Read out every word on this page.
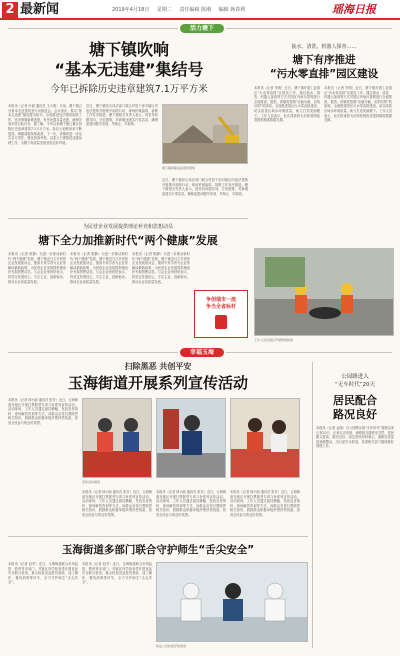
2 最新闻	2019年4月18日 星期二 责任编辑 陈刚 编辑 蒋春利	瑶海日报
活力塘下
塘下镇吹响
“基本无违建”集结号
今年已拆除历史违章建筑7.1万平方米
本报讯（记者 叶丽 通讯员 王小燕）日前，塘下镇召开基本无违建攻坚行动推进会。会议指出，要以“基本无违建”镇创建为抓手，全面推进违法建筑拆除工作，坚决遏制新增违建，有序处置存量违建，确保完成年度目标任务。据了解，今年以来塘下镇已累计拆除历史违章建筑7.1万平方米，拆后土地利用率不断提高，城镇面貌持续改善。下一步，该镇将进一步压实各方责任，强化督查考核，以更大力度推进违建治理工作，为塘下高质量发展营造良好环境。
近日，塘下镇综合执法部门联合村居干部对辖区内违法建筑开展集中拆除行动，现场机械轰鸣，拆除工作有序推进。塘下镇相关负责人表示，将坚持问题导向，分类施策，对新增违建实行零容忍，确保违建问题早发现、早制止、早拆除。
塘下镇拆除违法建筑现场
近日，塘下镇综合执法部门联合村居干部对辖区内违法建筑开展集中拆除行动，现场机械轰鸣，拆除工作有序推进。塘下镇相关负责人表示，将坚持问题导向，分类施策，对新增违建实行零容忍，确保违建问题早发现、早制止、早拆除。
抽水、清洗、机器人探查……
塘下有序推进
“污水零直排”园区建设
本报讯（记者 李明）近日，塘下镇开展工业园区“污水零直排”区建设工作，通过抽水、清洗、机器人探查等方式对园区内雨污管网进行全面排查。据悉，该镇将按照“应截尽截、应纳尽纳”的原则，全面推进园区污水零直排建设，切实改善区域水环境质量，助力打造美丽塘下。工作人员表示，此次排查将为后续管网改造提供精准数据支撑。
本报讯（记者 李明）近日，塘下镇开展工业园区“污水零直排”区建设工作，通过抽水、清洗、机器人探查等方式对园区内雨污管网进行全面排查。据悉，该镇将按照“应截尽截、应纳尽纳”的原则，全面推进园区污水零直排建设，切实改善区域水环境质量，助力打造美丽塘下。工作人员表示，此次排查将为后续管网改造提供精准数据支撑。
工作人员在园区开展管网排查
为民营企业发展提供理论补充和思想动员
塘下全力加推新时代“两个健康”发展
本报讯（记者 陈静）为进一步推动新时代“两个健康”发展，塘下镇近日召开民营企业发展座谈会，邀请专家学者为企业家解读最新政策，为民营企业发展提供理论补充和思想动员。与会企业家纷纷表示，将坚定发展信心，专注主业，创新驱动，推动企业高质量发展。
本报讯（记者 陈静）为进一步推动新时代“两个健康”发展，塘下镇近日召开民营企业发展座谈会，邀请专家学者为企业家解读最新政策，为民营企业发展提供理论补充和思想动员。与会企业家纷纷表示，将坚定发展信心，专注主业，创新驱动，推动企业高质量发展。
本报讯（记者 陈静）为进一步推动新时代“两个健康”发展，塘下镇近日召开民营企业发展座谈会，邀请专家学者为企业家解读最新政策，为民营企业发展提供理论补充和思想动员。与会企业家纷纷表示，将坚定发展信心，专注主业，创新驱动，推动企业高质量发展。
争创瑞市一流
争当全省标杆
幸福玉海
扫除黑恶 共创平安
玉海街道开展系列宣传活动
本报讯（记者 林小丽 通讯员 张芳）近日，玉海街道在辖区开展扫黑除恶专项斗争系列宣传活动。活动现场，工作人员通过悬挂横幅、发放宣传资料、现场解答咨询等方式，向群众宣传扫黑除恶相关知识，鼓励群众积极举报涉黑涉恶线索，营造全民参与的良好氛围。
宣传活动现场
本报讯（记者 林小丽 通讯员 张芳）近日，玉海街道在辖区开展扫黑除恶专项斗争系列宣传活动。活动现场，工作人员通过悬挂横幅、发放宣传资料、现场解答咨询等方式，向群众宣传扫黑除恶相关知识，鼓励群众积极举报涉黑涉恶线索，营造全民参与的良好氛围。
本报讯（记者 林小丽 通讯员 张芳）近日，玉海街道在辖区开展扫黑除恶专项斗争系列宣传活动。活动现场，工作人员通过悬挂横幅、发放宣传资料、现场解答咨询等方式，向群众宣传扫黑除恶相关知识，鼓励群众积极举报涉黑涉恶线索，营造全民参与的良好氛围。
本报讯（记者 林小丽 通讯员 张芳）近日，玉海街道在辖区开展扫黑除恶专项斗争系列宣传活动。活动现场，工作人员通过悬挂横幅、发放宣传资料、现场解答咨询等方式，向群众宣传扫黑除恶相关知识，鼓励群众积极举报涉黑涉恶线索，营造全民参与的良好氛围。
公园路进入
“无车时代”20天
居民配合
路况良好
本报讯（记者 金晓）自公园路实施“无车时代”管理以来已有20天，记者走访发现，该路段交通秩序井然，居民配合度高，路况良好。周边居民纷纷表示，道路变得更加宽敞整洁，出行更安全舒适，希望相关部门继续做好管理工作。
玉海街道多部门联合守护师生“舌尖安全”
本报讯（记者 赵华）近日，玉海街道联合市场监管、教育等多部门，对辖区内学校食堂开展食品安全联合检查，重点检查食品进货查验、加工操作、餐具消毒等环节，全力守护师生“舌尖安全”。
本报讯（记者 赵华）近日，玉海街道联合市场监管、教育等多部门，对辖区内学校食堂开展食品安全联合检查，重点检查食品进货查验、加工操作、餐具消毒等环节，全力守护师生“舌尖安全”。
执法人员检查学校食堂
